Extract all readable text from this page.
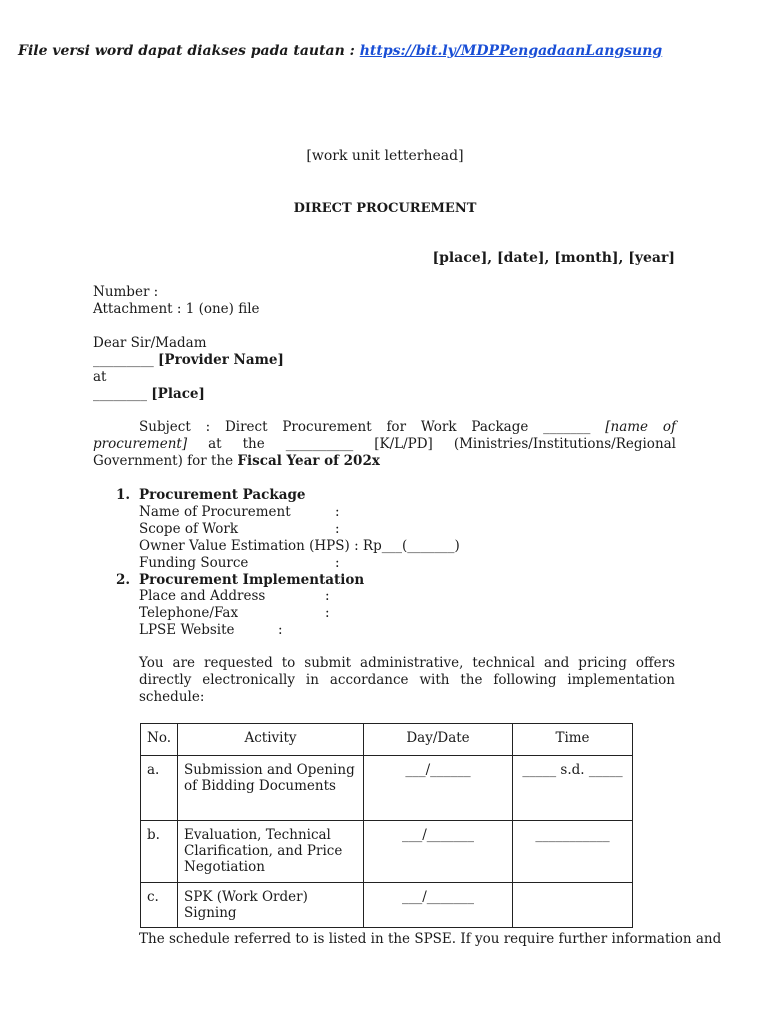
File versi word dapat diakses pada tautan : https://bit.ly/MDPPengadaanLangsung
[work unit letterhead]
DIRECT PROCUREMENT
[place], [date], [month], [year]
Number :
Attachment : 1 (one) file
Dear Sir/Madam
_________ [Provider Name]
at
________ [Place]
Subject : Direct Procurement for Work Package _______ [name of procurement] at the __________ [K/L/PD] (Ministries/Institutions/Regional Government) for the Fiscal Year of 202x
1. Procurement Package
Name of Procurement	:
Scope of Work	:
Owner Value Estimation (HPS) : Rp___(_______)
Funding Source	:
2. Procurement Implementation
Place and Address	:
Telephone/Fax	:
LPSE Website	:
You are requested to submit administrative, technical and pricing offers directly electronically in accordance with the following implementation schedule:
No.	Activity	Day/Date	Time
a.	Submission and Opening of Bidding Documents	___/______	_____ s.d. _____
b.	Evaluation, Technical Clarification, and Price Negotiation	___/_______	___________
c.	SPK (Work Order) Signing	___/_______	
The schedule referred to is listed in the SPSE. If you require further information and
